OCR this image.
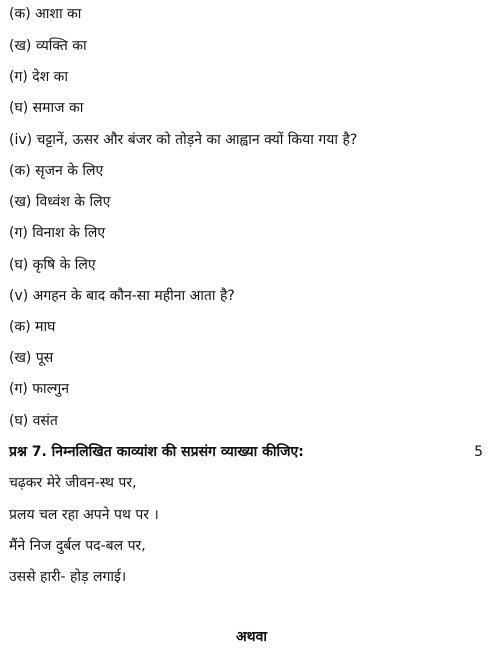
(क) आशा का
(ख) व्यक्ति का
(ग) देश का
(घ) समाज का
(iv) चट्टानें, ऊसर और बंजर को तोड़ने का आह्वान क्यों किया गया है?
(क) सृजन के लिए
(ख) विध्वंश के लिए
(ग) विनाश के लिए
(घ) कृषि के लिए
(v) अगहन के बाद कौन-सा महीना आता है?
(क) माघ
(ख) पूस
(ग) फाल्गुन
(घ) वसंत
प्रश्न 7. निम्नलिखित काव्यांश की सप्रसंग व्याख्या कीजिए:	5
चढ़कर मेरे जीवन-स्थ पर,
प्रलय चल रहा अपने पथ पर ।
मैंने निज दुर्बल पद-बल पर,
उससे हारी- होड़ लगाई।
अथवा
